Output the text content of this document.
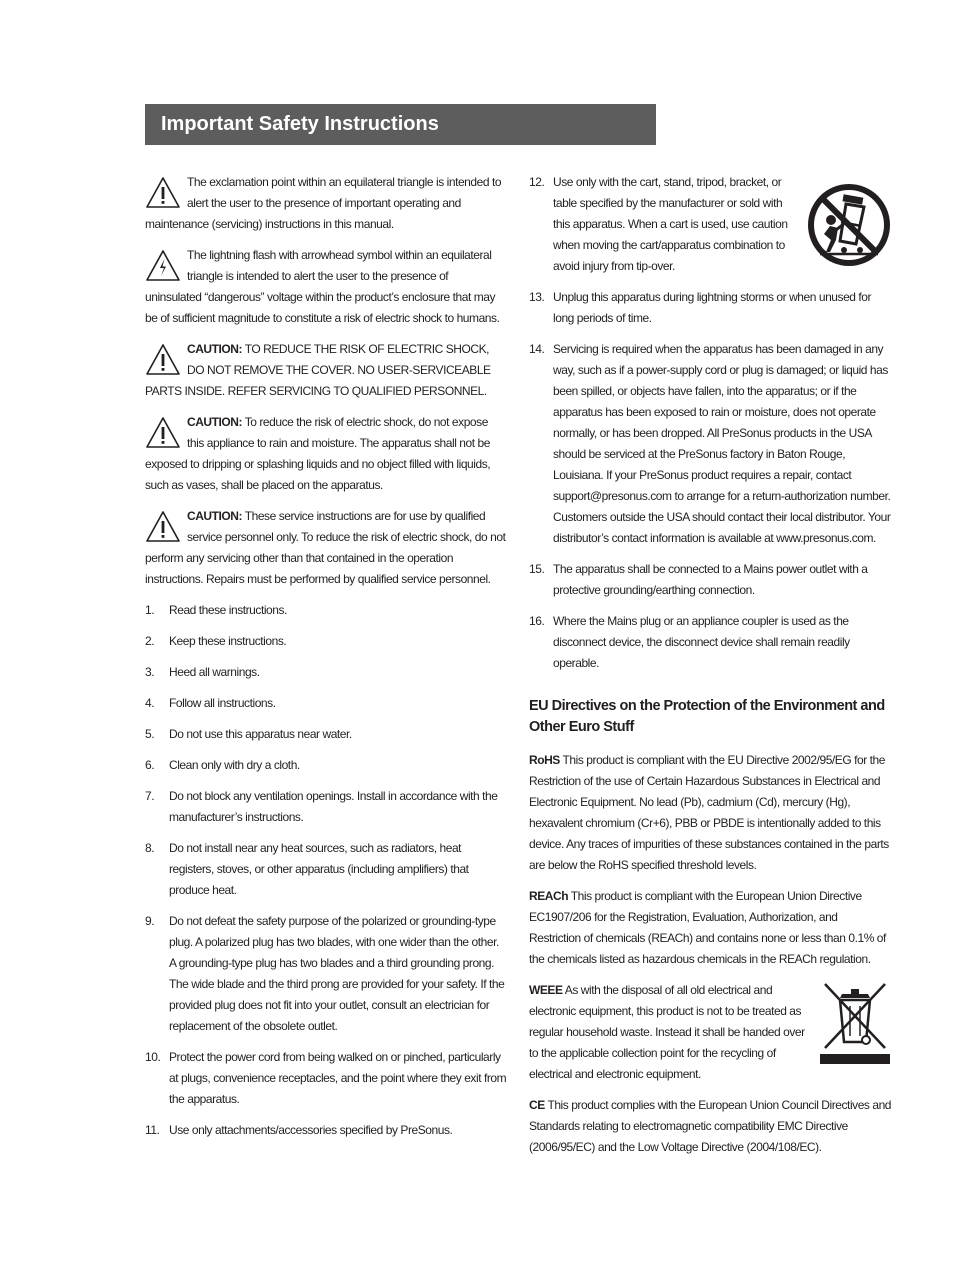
Important Safety Instructions

The exclamation point within an equilateral triangle is intended to alert the user to the presence of important operating and maintenance (servicing) instructions in this manual.

The lightning flash with arrowhead symbol within an equilateral triangle is intended to alert the user to the presence of uninsulated “dangerous” voltage within the product’s enclosure that may be of sufficient magnitude to constitute a risk of electric shock to humans.

CAUTION: TO REDUCE THE RISK OF ELECTRIC SHOCK, DO NOT REMOVE THE COVER. NO USER-SERVICEABLE PARTS INSIDE. REFER SERVICING TO QUALIFIED PERSONNEL.

CAUTION: To reduce the risk of electric shock, do not expose this appliance to rain and moisture. The apparatus shall not be exposed to dripping or splashing liquids and no object filled with liquids, such as vases, shall be placed on the apparatus.

CAUTION: These service instructions are for use by qualified service personnel only. To reduce the risk of electric shock, do not perform any servicing other than that contained in the operation instructions. Repairs must be performed by qualified service personnel.

1. Read these instructions.
2. Keep these instructions.
3. Heed all warnings.
4. Follow all instructions.
5. Do not use this apparatus near water.
6. Clean only with dry a cloth.
7. Do not block any ventilation openings. Install in accordance with the manufacturer’s instructions.
8. Do not install near any heat sources, such as radiators, heat registers, stoves, or other apparatus (including amplifiers) that produce heat.
9. Do not defeat the safety purpose of the polarized or grounding-type plug. A polarized plug has two blades, with one wider than the other. A grounding-type plug has two blades and a third grounding prong. The wide blade and the third prong are provided for your safety. If the provided plug does not fit into your outlet, consult an electrician for replacement of the obsolete outlet.
10. Protect the power cord from being walked on or pinched, particularly at plugs, convenience receptacles, and the point where they exit from the apparatus.
11. Use only attachments/accessories specified by PreSonus.
12. Use only with the cart, stand, tripod, bracket, or table specified by the manufacturer or sold with this apparatus. When a cart is used, use caution when moving the cart/apparatus combination to avoid injury from tip-over.
13. Unplug this apparatus during lightning storms or when unused for long periods of time.
14. Servicing is required when the apparatus has been damaged in any way, such as if a power-supply cord or plug is damaged; or liquid has been spilled, or objects have fallen, into the apparatus; or if the apparatus has been exposed to rain or moisture, does not operate normally, or has been dropped. All PreSonus products in the USA should be serviced at the PreSonus factory in Baton Rouge, Louisiana. If your PreSonus product requires a repair, contact support@presonus.com to arrange for a return-authorization number. Customers outside the USA should contact their local distributor. Your distributor’s contact information is available at www.presonus.com.
15. The apparatus shall be connected to a Mains power outlet with a protective grounding/earthing connection.
16. Where the Mains plug or an appliance coupler is used as the disconnect device, the disconnect device shall remain readily operable.
EU Directives on the Protection of the Environment and Other Euro Stuff

RoHS This product is compliant with the EU Directive 2002/95/EG for the Restriction of the use of Certain Hazardous Substances in Electrical and Electronic Equipment. No lead (Pb), cadmium (Cd), mercury (Hg), hexavalent chromium (Cr+6), PBB or PBDE is intentionally added to this device. Any traces of impurities of these substances contained in the parts are below the RoHS specified threshold levels.

REACh This product is compliant with the European Union Directive EC1907/206 for the Registration, Evaluation, Authorization, and Restriction of chemicals (REACh) and contains none or less than 0.1% of the chemicals listed as hazardous chemicals in the REACh regulation.

WEEE As with the disposal of all old electrical and electronic equipment, this product is not to be treated as regular household waste. Instead it shall be handed over to the applicable collection point for the recycling of electrical and electronic equipment.

CE This product complies with the European Union Council Directives and Standards relating to electromagnetic compatibility EMC Directive (2006/95/EC) and the Low Voltage Directive (2004/108/EC).
